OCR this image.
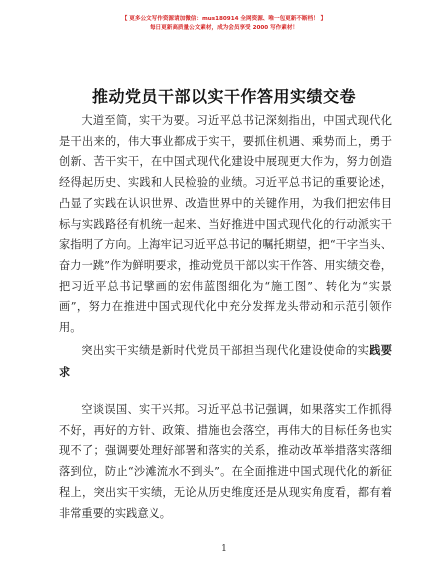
【 更多公文写作资源请加微信：mus180914 全网资源、唯一包更新不断档！ 】
每日更新高质量公文素材，成为会员享受 2000 写作素材！
推动党员干部以实干作答用实绩交卷

大道至简，实干为要。习近平总书记深刻指出，中国式现代化是干出来的，伟大事业都成于实干，要抓住机遇、乘势而上，勇于创新、苦干实干，在中国式现代化建设中展现更大作为，努力创造经得起历史、实践和人民检验的业绩。习近平总书记的重要论述，凸显了实践在认识世界、改造世界中的关键作用，为我们把宏伟目标与实践路径有机统一起来、当好推进中国式现代化的行动派实干家指明了方向。上海牢记习近平总书记的嘱托期望，把“干字当头、奋力一跳”作为鲜明要求，推动党员干部以实干作答、用实绩交卷，把习近平总书记擘画的宏伟蓝图细化为“施工图”、转化为“实景画”，努力在推进中国式现代化中充分发挥龙头带动和示范引领作用。

突出实干实绩是新时代党员干部担当现代化建设使命的实践要求

空谈误国、实干兴邦。习近平总书记强调，如果落实工作抓得不好，再好的方针、政策、措施也会落空，再伟大的目标任务也实现不了；强调要处理好部署和落实的关系，推动改革举措落实落细落到位，防止“沙滩流水不到头”。在全面推进中国式现代化的新征程上，突出实干实绩，无论从历史维度还是从现实角度看，都有着非常重要的实践意义。

1
